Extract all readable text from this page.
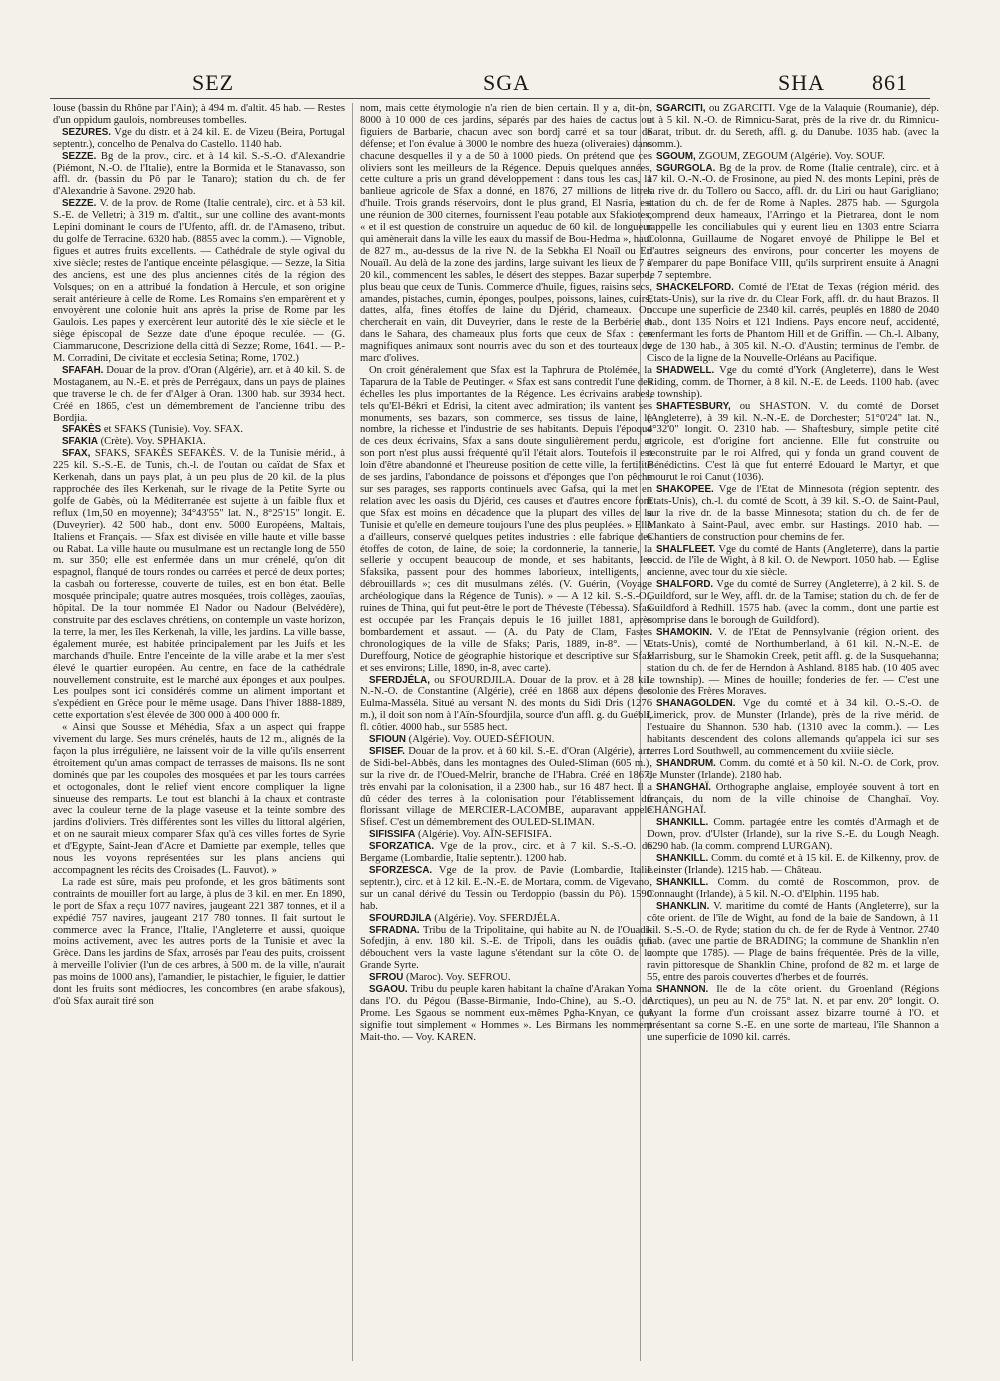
SEZ	SGA	SHA 861

louse (bassin du Rhône par l'Ain); à 494 m. d'altit. 45 hab. — Restes d'un oppidum gaulois, nombreuses tombelles.

SEZURES. Vge du distr. et à 24 kil. E. de Vizeu (Beira, Portugal septentr.), concelho de Penalva do Castello. 1140 hab.

SEZZE. Bg de la prov., circ. et à 14 kil. S.-S.-O. d'Alexandrie (Piémont, N.-O. de l'Italie), entre la Bormida et le Stanavasso, son affl. dr. (bassin du Pô par le Tanaro); station du ch. de fer d'Alexandrie à Savone. 2920 hab.

SEZZE. V. de la prov. de Rome (Italie centrale), circ. et à 53 kil. S.-E. de Velletri; à 319 m. d'altit., sur une colline des avant-monts Lepini dominant le cours de l'Ufento, affl. dr. de l'Amaseno, tribut. du golfe de Terracine. 6320 hab. (8855 avec la comm.). — Vignoble, figues et autres fruits excellents. — Cathédrale de style ogival du xive siècle; restes de l'antique enceinte pélasgique. — Sezze, la Sitia des anciens, est une des plus anciennes cités de la région des Volsques; on en a attribué la fondation à Hercule, et son origine serait antérieure à celle de Rome. Les Romains s'en emparèrent et y envoyèrent une colonie huit ans après la prise de Rome par les Gaulois. Les papes y exercèrent leur autorité dès le xie siècle et le siège épiscopal de Sezze date d'une époque reculée. — (G. Ciammarucone, Descrizione della città di Sezze; Rome, 1641. — P.-M. Corradini, De civitate et ecclesia Setina; Rome, 1702.)

SFAFAH. Douar de la prov. d'Oran (Algérie), arr. et à 40 kil. S. de Mostaganem, au N.-E. et près de Perrégaux, dans un pays de plaines que traverse le ch. de fer d'Alger à Oran. 1300 hab. sur 3934 hect. Créé en 1865, c'est un démembrement de l'ancienne tribu des Bordjia.

SFAKÈS et SFAKS (Tunisie). Voy. SFAX.

SFAKIA (Crète). Voy. SPHAKIA.

SFAX, SFAKS, SFAKÈS SEFAKÈS. V. de la Tunisie mérid., à 225 kil. S.-S.-E. de Tunis, ch.-l. de l'outan ou caïdat de Sfax et Kerkenah, dans un pays plat, à un peu plus de 20 kil. de la plus rapprochée des îles Kerkenah, sur le rivage de la Petite Syrte ou golfe de Gabès, où la Méditerranée est sujette à un faible flux et reflux (1m,50 en moyenne); 34°43'55" lat. N., 8°25'15" longit. E. (Duveyrier). 42 500 hab., dont env. 5000 Européens, Maltais, Italiens et Français. — Sfax est divisée en ville haute et ville basse ou Rabat. La ville haute ou musulmane est un rectangle long de 550 m. sur 350; elle est enfermée dans un mur crénelé, qu'on dit espagnol, flanqué de tours rondes ou carrées et percé de deux portes; la casbah ou forteresse, couverte de tuiles, est en bon état. Belle mosquée principale; quatre autres mosquées, trois collèges, zaouïas, hôpital. De la tour nommée El Nador ou Nadour (Belvédère), construite par des esclaves chrétiens, on contemple un vaste horizon, la terre, la mer, les îles Kerkenah, la ville, les jardins. La ville basse, également murée, est habitée principalement par les Juifs et les marchands d'huile. Entre l'enceinte de la ville arabe et la mer s'est élevé le quartier européen. Au centre, en face de la cathédrale nouvellement construite, est le marché aux éponges et aux poulpes. Les poulpes sont ici considérés comme un aliment important et s'expédient en Grèce pour le même usage. Dans l'hiver 1888-1889, cette exportation s'est élevée de 300 000 à 400 000 fr.

« Ainsi que Sousse et Méhédia, Sfax a un aspect qui frappe vivement du large. Ses murs crénelés, hauts de 12 m., alignés de la façon la plus irrégulière, ne laissent voir de la ville qu'ils enserrent étroitement qu'un amas compact de terrasses de maisons. Ils ne sont dominés que par les coupoles des mosquées et par les tours carrées et octogonales, dont le relief vient encore compliquer la ligne sinueuse des remparts. Le tout est blanchi à la chaux et contraste avec la couleur terne de la plage vaseuse et la teinte sombre des jardins d'oliviers. Très différentes sont les villes du littoral algérien, et on ne saurait mieux comparer Sfax qu'à ces villes fortes de Syrie et d'Egypte, Saint-Jean d'Acre et Damiette par exemple, telles que nous les voyons représentées sur les plans anciens qui accompagnent les récits des Croisades (L. Fauvot). »

La rade est sûre, mais peu profonde, et les gros bâtiments sont contraints de mouiller fort au large, à plus de 3 kil. en mer. En 1890, le port de Sfax a reçu 1077 navires, jaugeant 221 387 tonnes, et il a expédié 757 navires, jaugeant 217 780 tonnes. Il fait surtout le commerce avec la France, l'Italie, l'Angleterre et aussi, quoique moins activement, avec les autres ports de la Tunisie et avec la Grèce. Dans les jardins de Sfax, arrosés par l'eau des puits, croissent à merveille l'olivier (l'un de ces arbres, à 500 m. de la ville, n'aurait pas moins de 1000 ans), l'amandier, le pistachier, le figuier, le dattier dont les fruits sont médiocres, les concombres (en arabe sfakous), d'où Sfax aurait tiré son

nom, mais cette étymologie n'a rien de bien certain. Il y a, dit-on, 8000 à 10 000 de ces jardins, séparés par des haies de cactus ou figuiers de Barbarie, chacun avec son bordj carré et sa tour de défense; et l'on évalue à 3000 le nombre des hueza (oliveraies) dans chacune desquelles il y a de 50 à 1000 pieds. On prétend que ces oliviers sont les meilleurs de la Régence. Depuis quelques années, cette culture a pris un grand développement : dans tous les cas, la banlieue agricole de Sfax a donné, en 1876, 27 millions de litres d'huile. Trois grands réservoirs, dont le plus grand, El Nasria, est une réunion de 300 citernes, fournissent l'eau potable aux Sfakiotes, « et il est question de construire un aqueduc de 60 kil. de longueur qui amènerait dans la ville les eaux du massif de Bou-Hedma », haut de 827 m., au-dessus de la rive N. de la Sebkha El Noaïl ou En Nouaïl. Au delà de la zone des jardins, large suivant les lieux de 7 à 20 kil., commencent les sables, le désert des steppes. Bazar superbe, plus beau que ceux de Tunis. Commerce d'huile, figues, raisins secs, amandes, pistaches, cumin, éponges, poulpes, poissons, laines, cuirs, dattes, alfa, fines étoffes de laine du Djérid, chameaux. On chercherait en vain, dit Duveyrier, dans le reste de la Berbérie et dans le Sahara, des chameaux plus forts que ceux de Sfax : ces magnifiques animaux sont nourris avec du son et des tourteaux de marc d'olives.

On croit généralement que Sfax est la Taphrura de Ptolémée, la Taparura de la Table de Peutinger. « Sfax est sans contredit l'une des échelles les plus importantes de la Régence. Les écrivains arabes, tels qu'El-Békri et Edrisi, la citent avec admiration; ils vantent ses monuments, ses bazars, son commerce, ses tissus de laine, le nombre, la richesse et l'industrie de ses habitants. Depuis l'époque de ces deux écrivains, Sfax a sans doute singulièrement perdu, et son port n'est plus aussi fréquenté qu'il l'était alors. Toutefois il est loin d'être abandonné et l'heureuse position de cette ville, la fertilité de ses jardins, l'abondance de poissons et d'éponges que l'on pêche sur ses parages, ses rapports continuels avec Gafsa, qui la met en relation avec les oasis du Djérid, ces causes et d'autres encore font que Sfax est moins en décadence que la plupart des villes de la Tunisie et qu'elle en demeure toujours l'une des plus peuplées. » Elle a d'ailleurs, conservé quelques petites industries : elle fabrique des étoffes de coton, de laine, de soie; la cordonnerie, la tannerie, la sellerie y occupent beaucoup de monde, et ses habitants, les Sfaksika, passent pour des hommes laborieux, intelligents, « débrouillards »; ces dit musulmans zélés. (V. Guérin, (Voyage archéologique dans la Régence de Tunis). » — A 12 kil. S.-S.-O., ruines de Thina, qui fut peut-être le port de Théveste (Tébessa). Sfax est occupée par les Français depuis le 16 juillet 1881, après bombardement et assaut. — (A. du Paty de Clam, Fastes chronologiques de la ville de Sfaks; Paris, 1889, in-8°. — V. Dureffourg, Notice de géographie historique et descriptive sur Sfax et ses environs; Lille, 1890, in-8, avec carte).

SFERDJÉLA, ou SFOURDJILA. Douar de la prov. et à 28 kil. N.-N.-O. de Constantine (Algérie), créé en 1868 aux dépens des Eulma-Masséla. Situé au versant N. des monts du Sidi Dris (1276 m.), il doit son nom à l'Aïn-Sfourdjila, source d'un affl. g. du Guébli, fl. côtier. 4000 hab., sur 5585 hect.

SFIOUN (Algérie). Voy. OUED-SÉFIOUN.

SFISEF. Douar de la prov. et à 60 kil. S.-E. d'Oran (Algérie), arr. de Sidi-bel-Abbès, dans les montagnes des Ouled-Sliman (605 m.), sur la rive dr. de l'Oued-Melrir, branche de l'Habra. Créé en 1867, très envahi par la colonisation, il a 2300 hab., sur 16 487 hect. Il a dû céder des terres à la colonisation pour l'établissement du florissant village de MERCIER-LACOMBE, auparavant appelé Sfisef. C'est un démembrement des OULED-SLIMAN.

SIFISSIFA (Algérie). Voy. AÏN-SEFISIFA.

SFORZATICA. Vge de la prov., circ. et à 7 kil. S.-S.-O. de Bergame (Lombardie, Italie septentr.). 1200 hab.

SFORZESCA. Vge de la prov. de Pavie (Lombardie, Italie septentr.), circ. et à 12 kil. E.-N.-E. de Mortara, comm. de Vigevano, sur un canal dérivé du Tessin ou Terdoppio (bassin du Pô). 1590 hab.

SFOURDJILA (Algérie). Voy. SFERDJÉLA.

SFRADNA. Tribu de la Tripolitaine, qui habite au N. de l'Ouadi-Sofedjin, à env. 180 kil. S.-E. de Tripoli, dans les ouâdis qui débouchent vers la vaste lagune s'étendant sur la côte O. de la Grande Syrte.

SFROU (Maroc). Voy. SEFROU.

SGAOU. Tribu du peuple karen habitant la chaîne d'Arakan Yoma dans l'O. du Pégou (Basse-Birmanie, Indo-Chine), au S.-O. de Prome. Les Sgaous se nomment eux-mêmes Pgha-Knyan, ce qui signifie tout simplement « Hommes ». Les Birmans les nomment Mait-tho. — Voy. KAREN.

SGARCITI, ou ZGARCITI. Vge de la Valaquie (Roumanie), dép. et à 5 kil. N.-O. de Rimnicu-Sarat, près de la rive dr. du Rimnicu-Sarat, tribut. dr. du Sereth, affl. g. du Danube. 1035 hab. (avec la comm.).

SGOUM, ZGOUM, ZEGOUM (Algérie). Voy. SOUF.

SGURGOLA. Bg de la prov. de Rome (Italie centrale), circ. et à 17 kil. O.-N.-O. de Frosinone, au pied N. des monts Lepini, près de la rive dr. du Tollero ou Sacco, affl. dr. du Liri ou haut Garigliano; station du ch. de fer de Rome à Naples. 2875 hab. — Sgurgola comprend deux hameaux, l'Arringo et la Pietrarea, dont le nom rappelle les conciliabules qui y eurent lieu en 1303 entre Sciarra Colonna, Guillaume de Nogaret envoyé de Philippe le Bel et d'autres seigneurs des environs, pour concerter les moyens de s'emparer du pape Boniface VIII, qu'ils surprirent ensuite à Anagni le 7 septembre.

SHACKELFORD. Comté de l'Etat de Texas (région mérid. des Etats-Unis), sur la rive dr. du Clear Fork, affl. dr. du haut Brazos. Il occupe une superficie de 2340 kil. carrés, peuplés en 1880 de 2040 hab., dont 135 Noirs et 121 Indiens. Pays encore neuf, accidenté, renfermant les forts de Phantom Hill et de Griffin. — Ch.-l. Albany, vge de 130 hab., à 305 kil. N.-O. d'Austin; terminus de l'embr. de Cisco de la ligne de la Nouvelle-Orléans au Pacifique.

SHADWELL. Vge du comté d'York (Angleterre), dans le West Riding, comm. de Thorner, à 8 kil. N.-E. de Leeds. 1100 hab. (avec le township).

SHAFTESBURY, ou SHASTON. V. du comté de Dorset (Angleterre), à 39 kil. N.-N.-E. de Dorchester; 51°0'24" lat. N., 4°32'0" longit. O. 2310 hab. — Shaftesbury, simple petite cité agricole, est d'origine fort ancienne. Elle fut construite ou reconstruite par le roi Alfred, qui y fonda un grand couvent de Bénédictins. C'est là que fut enterré Edouard le Martyr, et que mourut le roi Canut (1036).

SHAKOPEE. Vge de l'Etat de Minnesota (région septentr. des Etats-Unis), ch.-l. du comté de Scott, à 39 kil. S.-O. de Saint-Paul, sur la rive dr. de la basse Minnesota; station du ch. de fer de Mankato à Saint-Paul, avec embr. sur Hastings. 2010 hab. — Chantiers de construction pour chemins de fer.

SHALFLEET. Vge du comté de Hants (Angleterre), dans la partie occid. de l'île de Wight, à 8 kil. O. de Newport. 1050 hab. — Eglise ancienne, avec tour du xie siècle.

SHALFORD. Vge du comté de Surrey (Angleterre), à 2 kil. S. de Guildford, sur le Wey, affl. dr. de la Tamise; station du ch. de fer de Guildford à Redhill. 1575 hab. (avec la comm., dont une partie est comprise dans le borough de Guildford).

SHAMOKIN. V. de l'Etat de Pennsylvanie (région orient. des Etats-Unis), comté de Northumberland, à 61 kil. N.-N.-E. de Harrisburg, sur le Shamokin Creek, petit affl. g. de la Susquehanna; station du ch. de fer de Herndon à Ashland. 8185 hab. (10 405 avec le township). — Mines de houille; fonderies de fer. — C'est une colonie des Frères Moraves.

SHANAGOLDEN. Vge du comté et à 34 kil. O.-S.-O. de Limerick, prov. de Munster (Irlande), près de la rive mérid. de l'estuaire du Shannon. 530 hab. (1310 avec la comm.). — Les habitants descendent des colons allemands qu'appela ici sur ses terres Lord Southwell, au commencement du xviiie siècle.

SHANDRUM. Comm. du comté et à 50 kil. N.-O. de Cork, prov. de Munster (Irlande). 2180 hab.

SHANGHAÏ. Orthographe anglaise, employée souvent à tort en français, du nom de la ville chinoise de Changhaï. Voy. CHANGHAÏ.

SHANKILL. Comm. partagée entre les comtés d'Armagh et de Down, prov. d'Ulster (Irlande), sur la rive S.-E. du Lough Neagh. 6290 hab. (la comm. comprend LURGAN).

SHANKILL. Comm. du comté et à 15 kil. E. de Kilkenny, prov. de Leinster (Irlande). 1215 hab. — Château.

SHANKILL. Comm. du comté de Roscommon, prov. de Connaught (Irlande), à 5 kil. N.-O. d'Elphin. 1195 hab.

SHANKLIN. V. maritime du comté de Hants (Angleterre), sur la côte orient. de l'île de Wight, au fond de la baie de Sandown, à 11 kil. S.-S.-O. de Ryde; station du ch. de fer de Ryde à Ventnor. 2740 hab. (avec une partie de BRADING; la commune de Shanklin n'en compte que 1785). — Plage de bains fréquentée. Près de la ville, ravin pittoresque de Shanklin Chine, profond de 82 m. et large de 55, entre des parois couvertes d'herbes et de fourrés.

SHANNON. Ile de la côte orient. du Groenland (Régions Arctiques), un peu au N. de 75° lat. N. et par env. 20° longit. O. Ayant la forme d'un croissant assez bizarre tourné à l'O. et présentant sa corne S.-E. en une sorte de marteau, l'île Shannon a une superficie de 1090 kil. carrés.
